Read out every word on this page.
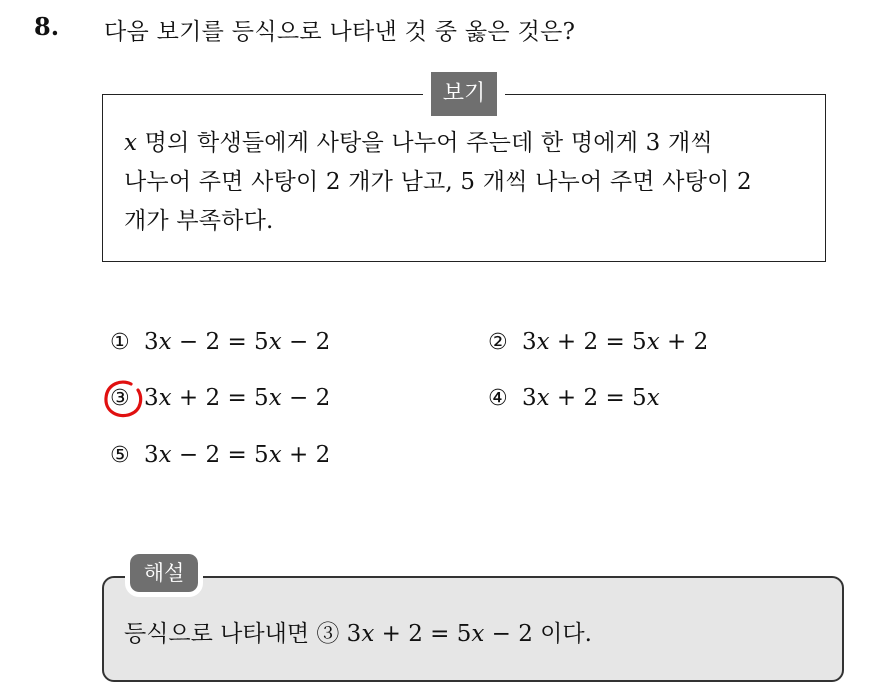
8. 다음 보기를 등식으로 나타낸 것 중 옳은 것은?
보기
x 명의 학생들에게 사탕을 나누어 주는데 한 명에게 3 개씩
나누어 주면 사탕이 2 개가 남고, 5 개씩 나누어 주면 사탕이 2
개가 부족하다.
① 3x − 2 = 5x − 2	② 3x + 2 = 5x + 2
③ 3x + 2 = 5x − 2	④ 3x + 2 = 5x
⑤ 3x − 2 = 5x + 2
해설
등식으로 나타내면 ③ 3x + 2 = 5x − 2 이다.
